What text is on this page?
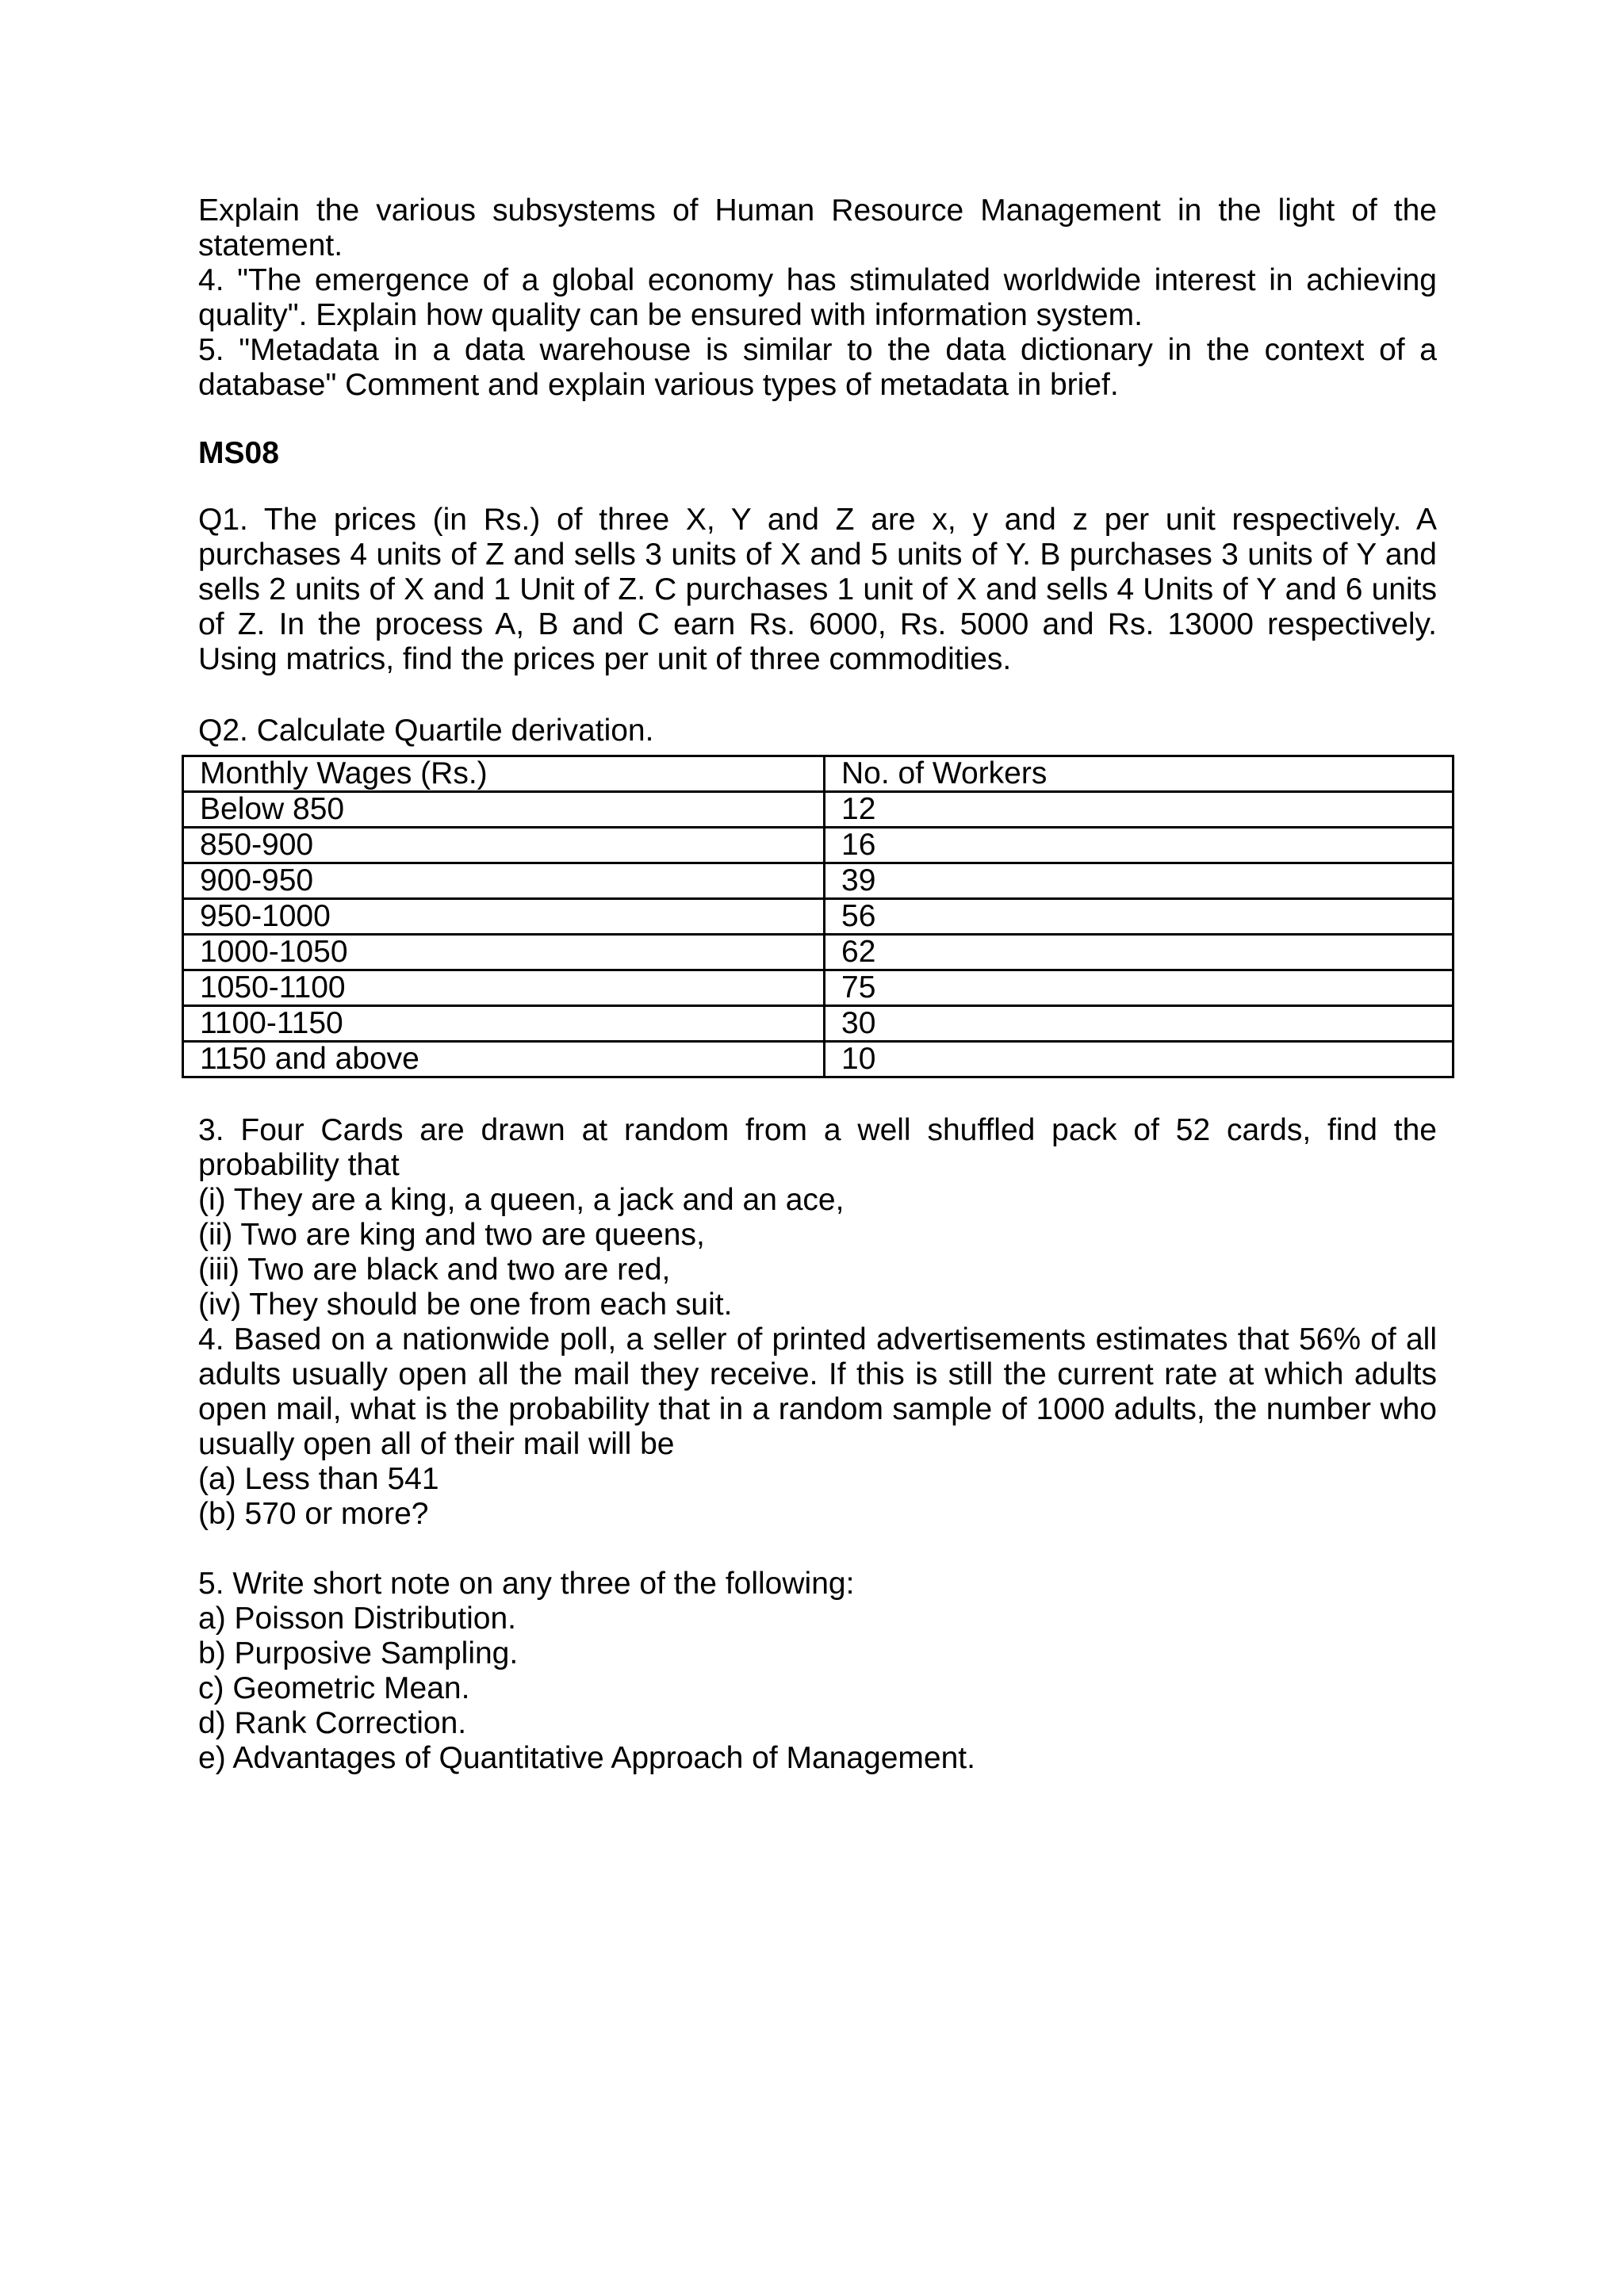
Explain the various subsystems of Human Resource Management in the light of the statement.

4. "The emergence of a global economy has stimulated worldwide interest in achieving quality". Explain how quality can be ensured with information system.

5. "Metadata in a data warehouse is similar to the data dictionary in the context of a database" Comment and explain various types of metadata in brief.

MS08

Q1. The prices (in Rs.) of three X, Y and Z are x, y and z per unit respectively. A purchases 4 units of Z and sells 3 units of X and 5 units of Y. B purchases 3 units of Y and sells 2 units of X and 1 Unit of Z. C purchases 1 unit of X and sells 4 Units of Y and 6 units of Z. In the process A, B and C earn Rs. 6000, Rs. 5000 and Rs. 13000 respectively. Using matrics, find the prices per unit of three commodities.

Q2. Calculate Quartile derivation.

Monthly Wages (Rs.)	No. of Workers
Below 850	12
850-900	16
900-950	39
950-1000	56
1000-1050	62
1050-1100	75
1100-1150	30
1150 and above	10

3. Four Cards are drawn at random from a well shuffled pack of 52 cards, find the probability that

(i) They are a king, a queen, a jack and an ace,

(ii) Two are king and two are queens,

(iii) Two are black and two are red,

(iv) They should be one from each suit.

4. Based on a nationwide poll, a seller of printed advertisements estimates that 56% of all adults usually open all the mail they receive. If this is still the current rate at which adults open mail, what is the probability that in a random sample of 1000 adults, the number who usually open all of their mail will be

(a) Less than 541

(b) 570 or more?

5. Write short note on any three of the following:

a) Poisson Distribution.

b) Purposive Sampling.

c) Geometric Mean.

d) Rank Correction.

e) Advantages of Quantitative Approach of Management.
